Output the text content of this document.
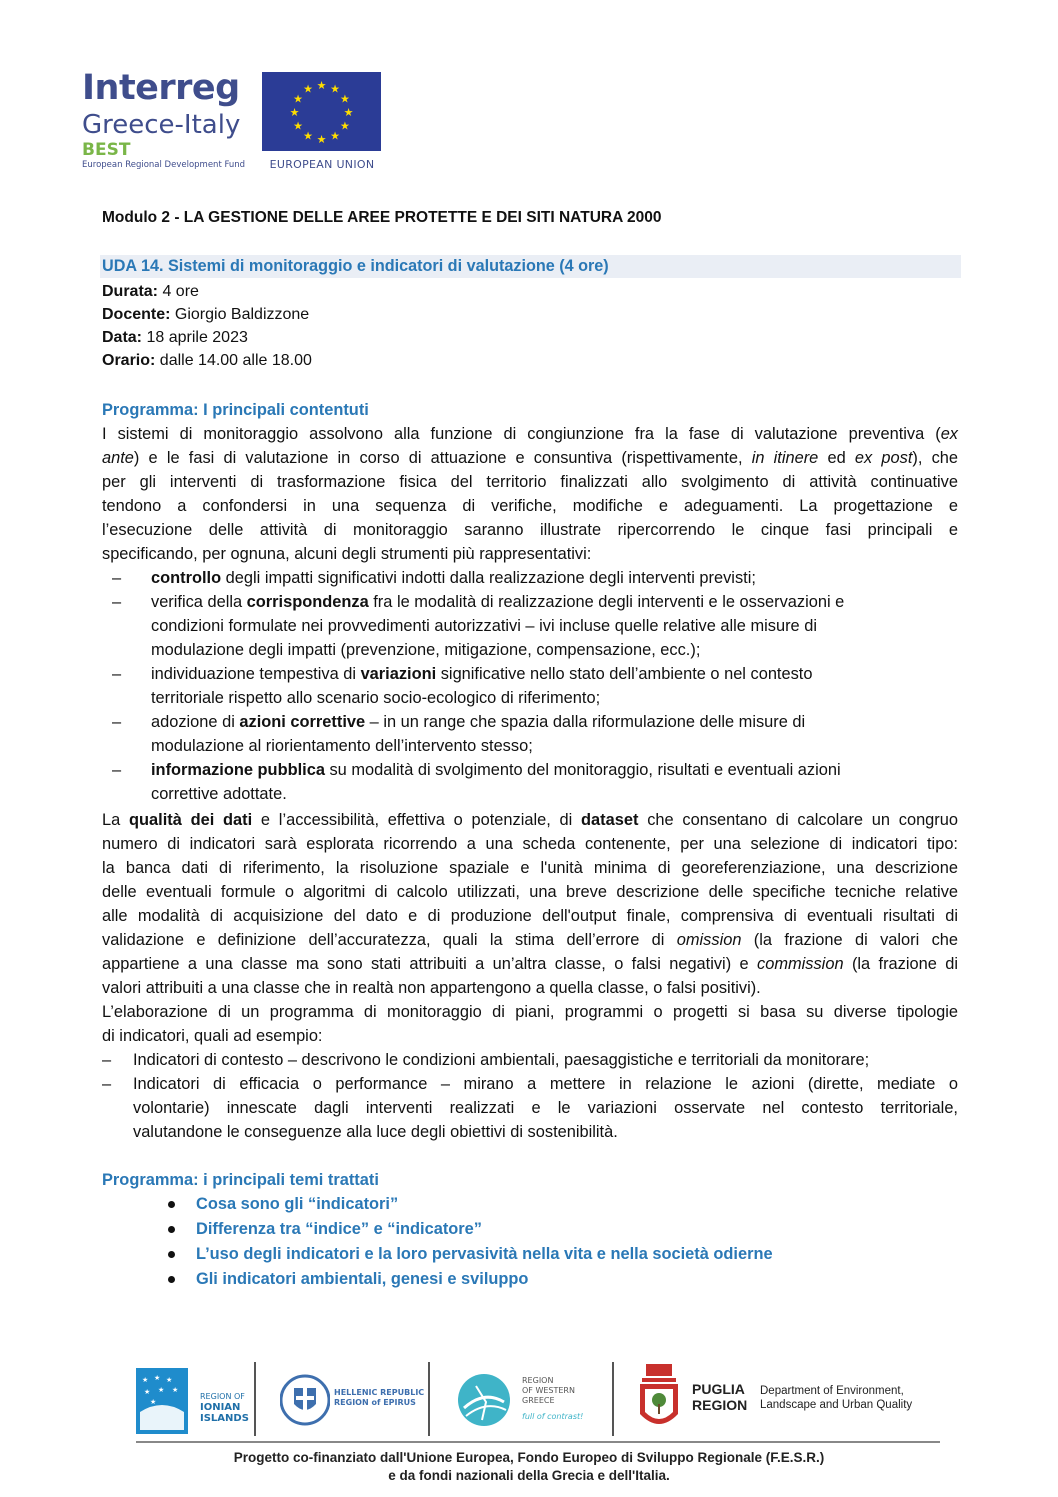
Interreg
Greece-Italy
BEST
European Regional Development Fund
★ ★
★
★
★
★
★
★
★
★
★
★
EUROPEAN UNION
Modulo 2 - LA GESTIONE DELLE AREE PROTETTE E DEI SITI NATURA 2000
UDA 14. Sistemi di monitoraggio e indicatori di valutazione (4 ore)
Durata: 4 ore
Docente: Giorgio Baldizzone
Data: 18 aprile 2023
Orario: dalle 14.00 alle 18.00
Programma: I principali contentuti
I sistemi di monitoraggio assolvono alla funzione di congiunzione fra la fase di valutazione preventiva (ex
ante) e le fasi di valutazione in corso di attuazione e consuntiva (rispettivamente, in itinere ed ex post), che
per gli interventi di trasformazione fisica del territorio finalizzati allo svolgimento di attività continuative
tendono a confondersi in una sequenza di verifiche, modifiche e adeguamenti. La progettazione e
l’esecuzione delle attività di monitoraggio saranno illustrate ripercorrendo le cinque fasi principali e
specificando, per ognuna, alcuni degli strumenti più rappresentativi:
– controllo degli impatti significativi indotti dalla realizzazione degli interventi previsti;
– verifica della corrispondenza fra le modalità di realizzazione degli interventi e le osservazioni e
condizioni formulate nei provvedimenti autorizzativi – ivi incluse quelle relative alle misure di
modulazione degli impatti (prevenzione, mitigazione, compensazione, ecc.);
– individuazione tempestiva di variazioni significative nello stato dell’ambiente o nel contesto
territoriale rispetto allo scenario socio-ecologico di riferimento;
– adozione di azioni correttive – in un range che spazia dalla riformulazione delle misure di
modulazione al riorientamento dell’intervento stesso;
– informazione pubblica su modalità di svolgimento del monitoraggio, risultati e eventuali azioni
correttive adottate.
La qualità dei dati e l’accessibilità, effettiva o potenziale, di dataset che consentano di calcolare un congruo
numero di indicatori sarà esplorata ricorrendo a una scheda contenente, per una selezione di indicatori tipo:
la banca dati di riferimento, la risoluzione spaziale e l'unità minima di georeferenziazione, una descrizione
delle eventuali formule o algoritmi di calcolo utilizzati, una breve descrizione delle specifiche tecniche relative
alle modalità di acquisizione del dato e di produzione dell'output finale, comprensiva di eventuali risultati di
validazione e definizione dell’accuratezza, quali la stima dell’errore di omission (la frazione di valori che
appartiene a una classe ma sono stati attribuiti a un’altra classe, o falsi negativi) e commission (la frazione di
valori attribuiti a una classe che in realtà non appartengono a quella classe, o falsi positivi).
L’elaborazione di un programma di monitoraggio di piani, programmi o progetti si basa su diverse tipologie
di indicatori, quali ad esempio:
– Indicatori di contesto – descrivono le condizioni ambientali, paesaggistiche e territoriali da monitorare;
– Indicatori di efficacia o performance – mirano a mettere in relazione le azioni (dirette, mediate o
volontarie) innescate dagli interventi realizzati e le variazioni osservate nel contesto territoriale,
valutandone le conseguenze alla luce degli obiettivi di sostenibilità.
Programma: i principali temi trattati
Cosa sono gli “indicatori”
Differenza tra “indice” e “indicatore”
L’uso degli indicatori e la loro pervasività nella vita e nella società odierne
Gli indicatori ambientali, genesi e sviluppo
★ ★ ★
★ ★ ★
★
REGION OF
IONIAN
ISLANDS
HELLENIC REPUBLIC
REGION of EPIRUS
REGION
OF WESTERN
GREECE
full of contrast!
PUGLIA
REGION
Department of Environment,
Landscape and Urban Quality
Progetto co-finanziato dall'Unione Europea, Fondo Europeo di Sviluppo Regionale (F.E.S.R.)
e da fondi nazionali della Grecia e dell'Italia.
